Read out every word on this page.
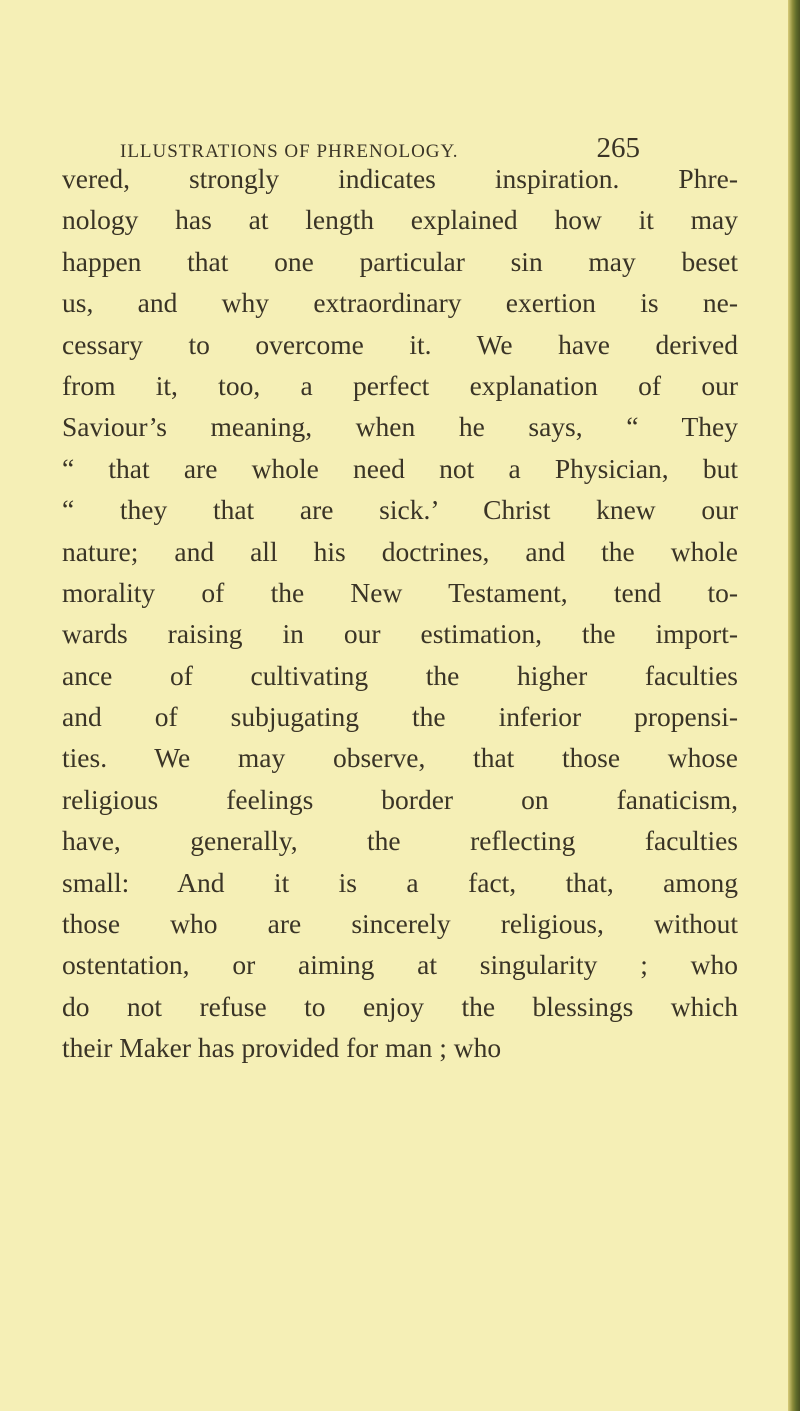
ILLUSTRATIONS OF PHRENOLOGY.	265
vered, strongly indicates inspiration. Phre-
nology has at length explained how it may
happen that one particular sin may beset
us, and why extraordinary exertion is ne-
cessary to overcome it. We have derived
from it, too, a perfect explanation of our
Saviour’s meaning, when he says, “ They
“ that are whole need not a Physician, but
“ they that are sick.’ Christ knew our
nature; and all his doctrines, and the whole
morality of the New Testament, tend to-
wards raising in our estimation, the import-
ance of cultivating the higher faculties
and of subjugating the inferior propensi-
ties. We may observe, that those whose
religious feelings border on fanaticism,
have, generally, the reflecting faculties
small: And it is a fact, that, among
those who are sincerely religious, without
ostentation, or aiming at singularity ; who
do not refuse to enjoy the blessings which
their Maker has provided for man ; who
